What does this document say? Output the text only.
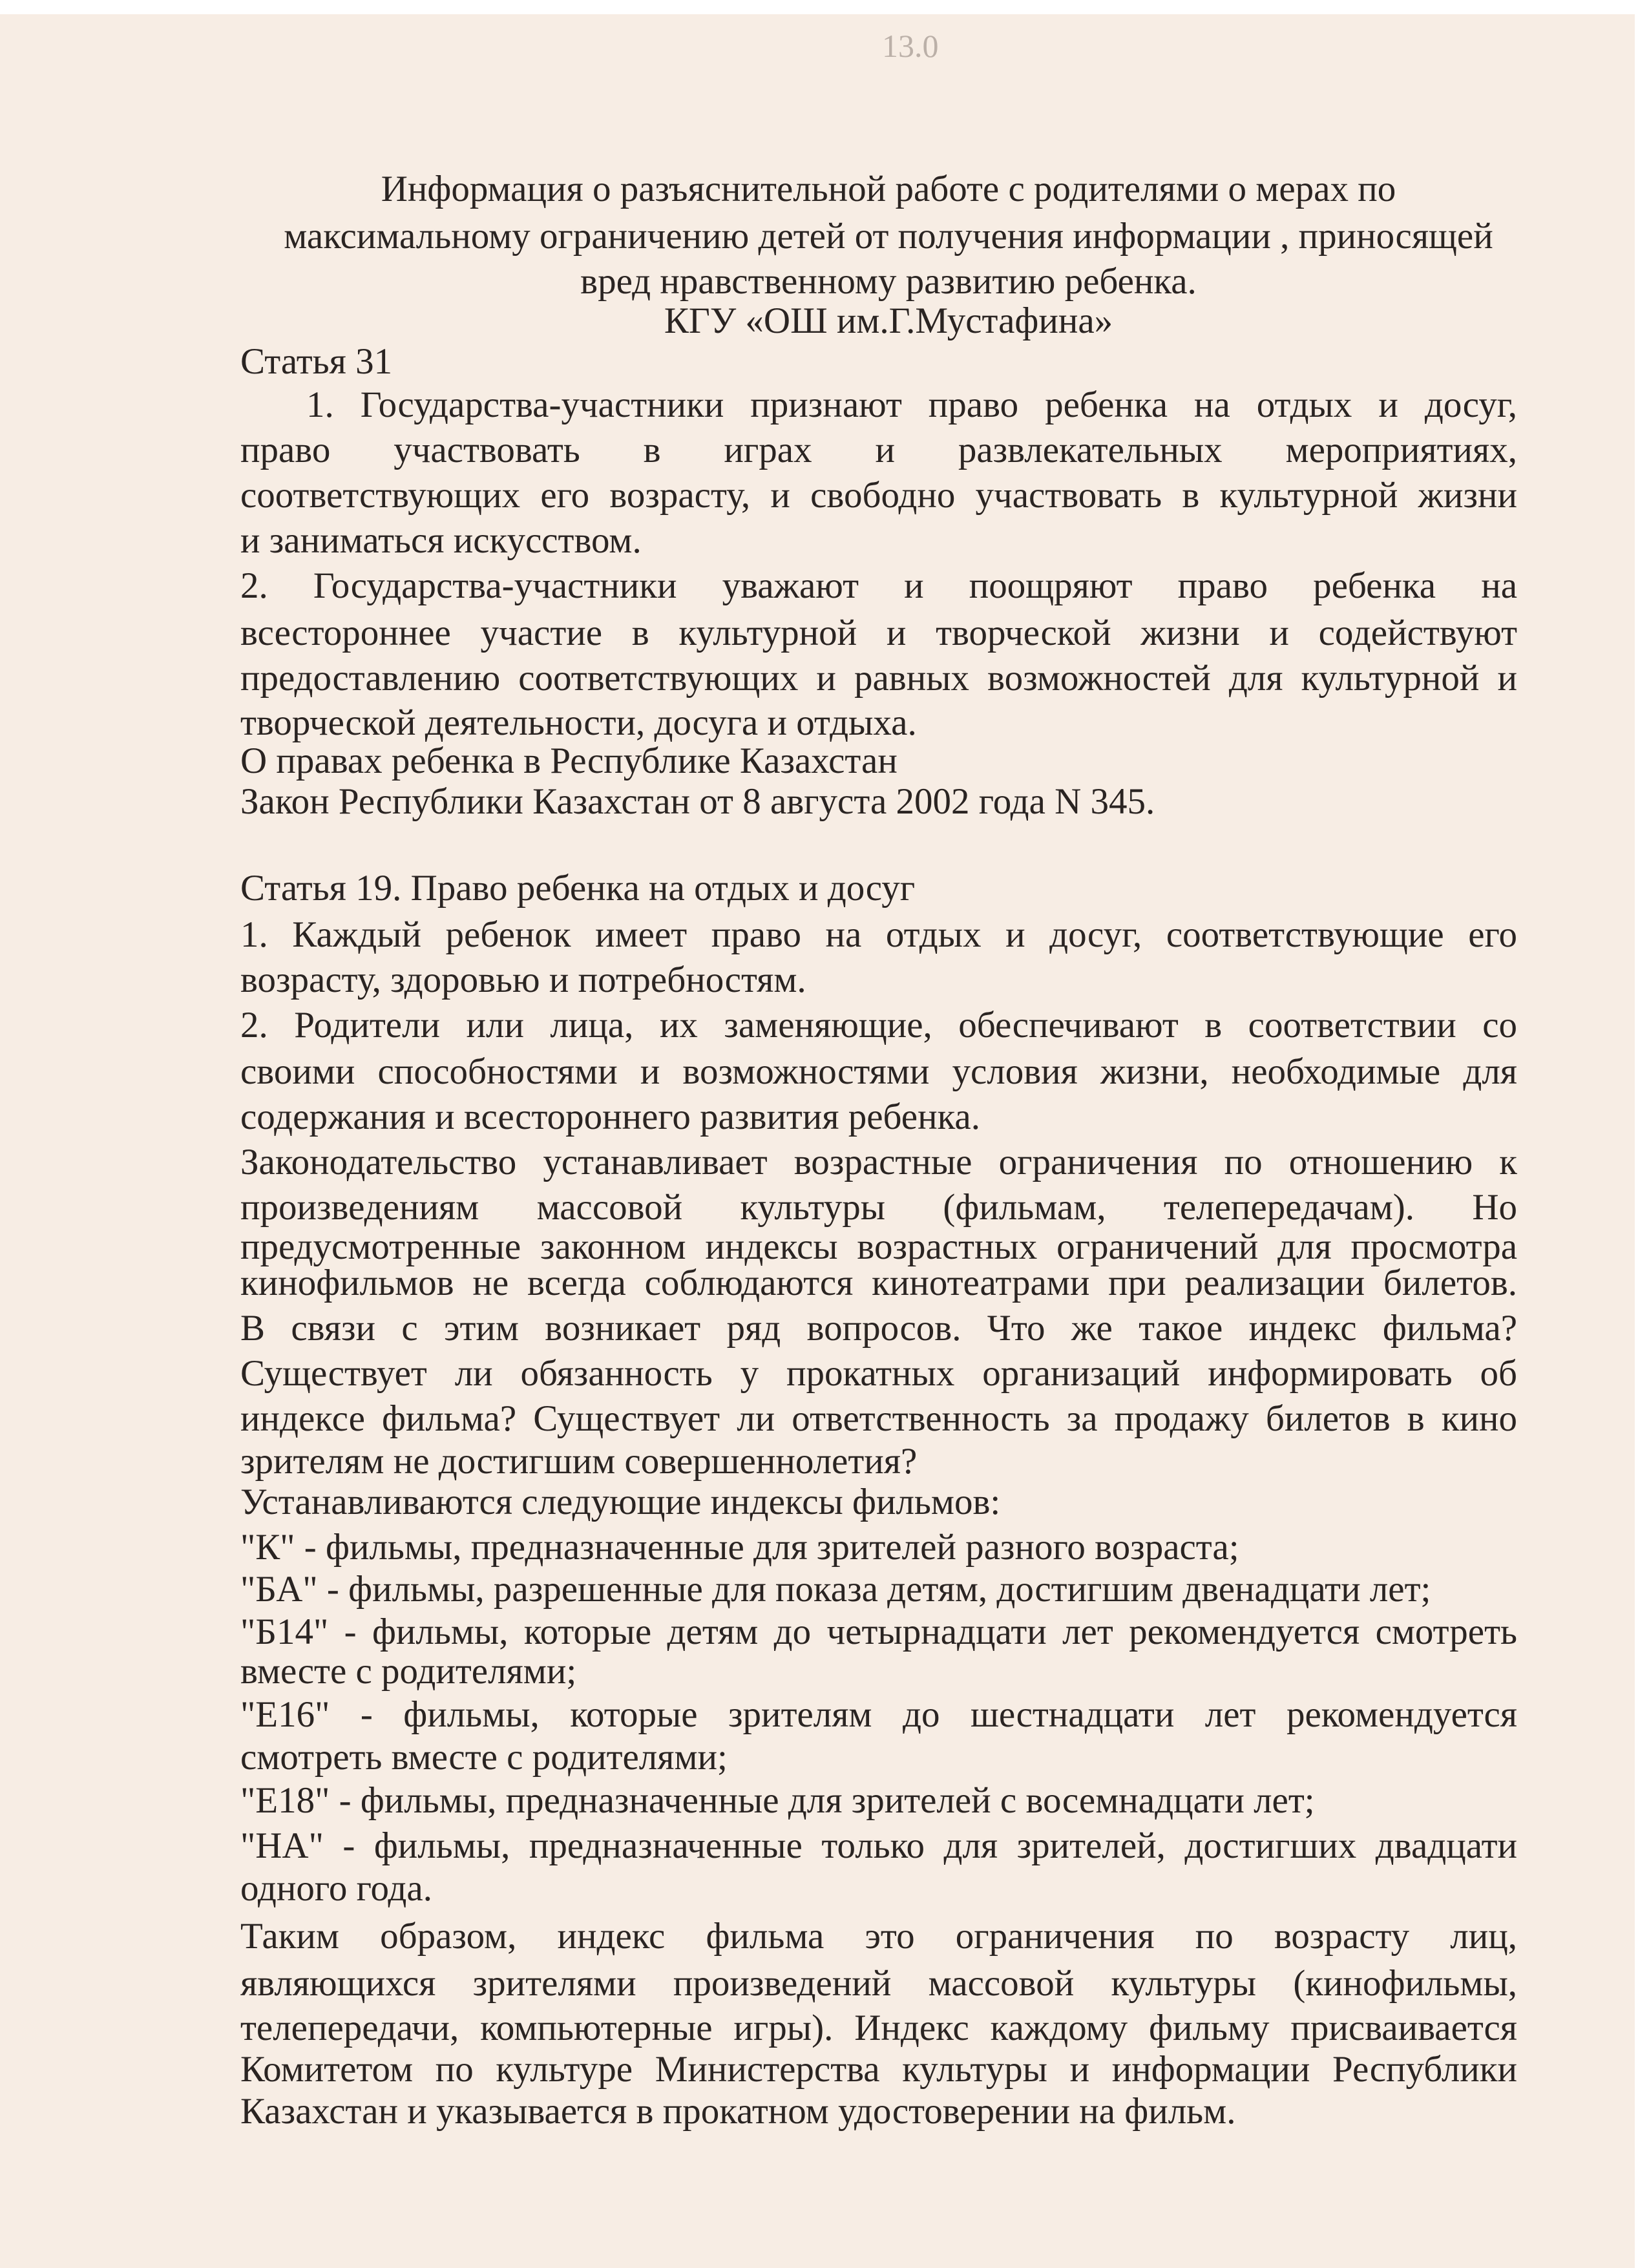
Информация о разъяснительной работе с родителями о мерах по
максимальному ограничению детей от получения информации , приносящей
вред нравственному развитию ребенка.
КГУ «ОШ им.Г.Мустафина»
Статья 31
1. Государства-участники признают право ребенка на отдых и досуг,
право участвовать в играх и развлекательных мероприятиях,
соответствующих его возрасту, и свободно участвовать в культурной жизни
и заниматься искусством.
2. Государства-участники уважают и поощряют право ребенка на
всестороннее участие в культурной и творческой жизни и содействуют
предоставлению соответствующих и равных возможностей для культурной и
творческой деятельности, досуга и отдыха.
О правах ребенка в Республике Казахстан
Закон Республики Казахстан от 8 августа 2002 года N 345.
Статья 19. Право ребенка на отдых и досуг
1. Каждый ребенок имеет право на отдых и досуг, соответствующие его
возрасту, здоровью и потребностям.
2. Родители или лица, их заменяющие, обеспечивают в соответствии со
своими способностями и возможностями условия жизни, необходимые для
содержания и всестороннего развития ребенка.
Законодательство устанавливает возрастные ограничения по отношению к
произведениям массовой культуры (фильмам, телепередачам). Но
предусмотренные законном индексы возрастных ограничений для просмотра
кинофильмов не всегда соблюдаются кинотеатрами при реализации билетов.
В связи с этим возникает ряд вопросов. Что же такое индекс фильма?
Существует ли обязанность у прокатных организаций информировать об
индексе фильма? Существует ли ответственность за продажу билетов в кино
зрителям не достигшим совершеннолетия?
Устанавливаются следующие индексы фильмов:
"К" - фильмы, предназначенные для зрителей разного возраста;
"БА" - фильмы, разрешенные для показа детям, достигшим двенадцати лет;
"Б14" - фильмы, которые детям до четырнадцати лет рекомендуется смотреть
вместе с родителями;
"Е16" - фильмы, которые зрителям до шестнадцати лет рекомендуется
смотреть вместе с родителями;
"Е18" - фильмы, предназначенные для зрителей с восемнадцати лет;
"НА" - фильмы, предназначенные только для зрителей, достигших двадцати
одного года.
Таким образом, индекс фильма это ограничения по возрасту лиц,
являющихся зрителями произведений массовой культуры (кинофильмы,
телепередачи, компьютерные игры). Индекс каждому фильму присваивается
Комитетом по культуре Министерства культуры и информации Республики
Казахстан и указывается в прокатном удостоверении на фильм.
13.0
